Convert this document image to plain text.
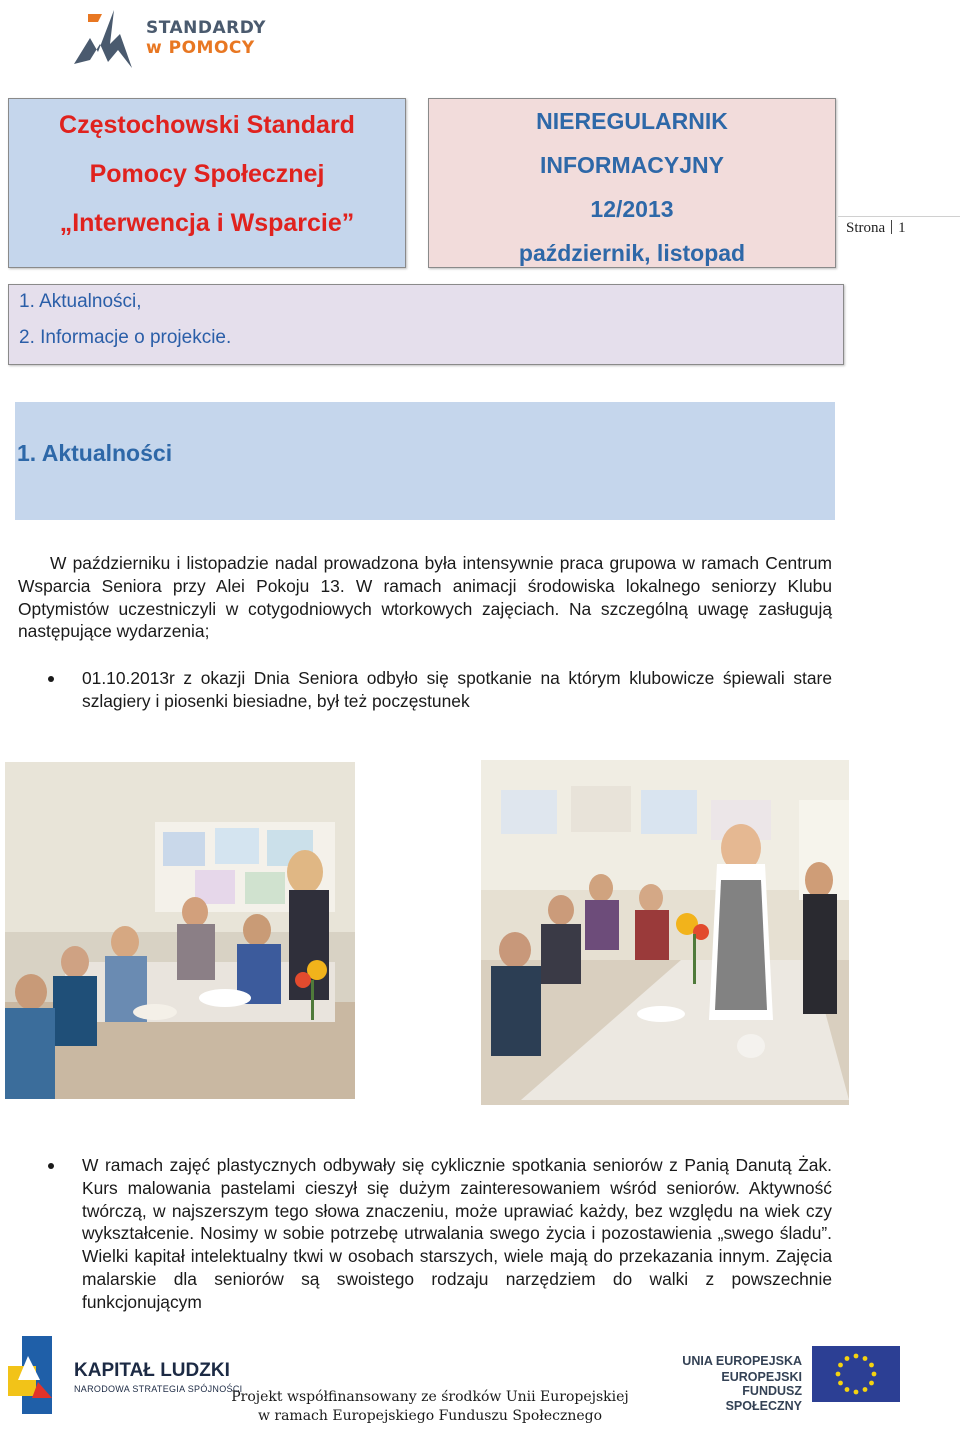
STANDARDY
w POMOCY
Częstochowski Standard
Pomocy Społecznej
„Interwencja i Wsparcie”
NIEREGULARNIK
INFORMACYJNY
12/2013
październik, listopad
Strona 1
1. Aktualności,
2. Informacje o projekcie.
1. Aktualności
W październiku i listopadzie nadal prowadzona była intensywnie praca grupowa w ramach Centrum Wsparcia Seniora przy Alei Pokoju 13. W ramach animacji środowiska lokalnego seniorzy Klubu Optymistów uczestniczyli w cotygodniowych wtorkowych zajęciach. Na szczególną uwagę zasługują następujące wydarzenia;
01.10.2013r z okazji Dnia Seniora odbyło się spotkanie na którym klubowicze śpiewali stare szlagiery i piosenki biesiadne, był też poczęstunek
W ramach zajęć plastycznych odbywały się cyklicznie spotkania seniorów z Panią Danutą Żak. Kurs malowania pastelami cieszył się dużym zainteresowaniem wśród seniorów. Aktywność twórczą, w najszerszym tego słowa znaczeniu, może uprawiać każdy, bez względu na wiek czy wykształcenie. Nosimy w sobie potrzebę utrwalania swego życia i pozostawienia „swego śladu”. Wielki kapitał intelektualny tkwi w osobach starszych, wiele mają do przekazania innym. Zajęcia malarskie dla seniorów są swoistego rodzaju narzędziem do walki z powszechnie funkcjonującym
KAPITAŁ LUDZKI
NARODOWA STRATEGIA SPÓJNOŚCI
Projekt współfinansowany ze środków Unii Europejskiej
w ramach Europejskiego Funduszu Społecznego
UNIA EUROPEJSKA
EUROPEJSKI
FUNDUSZ SPOŁECZNY
